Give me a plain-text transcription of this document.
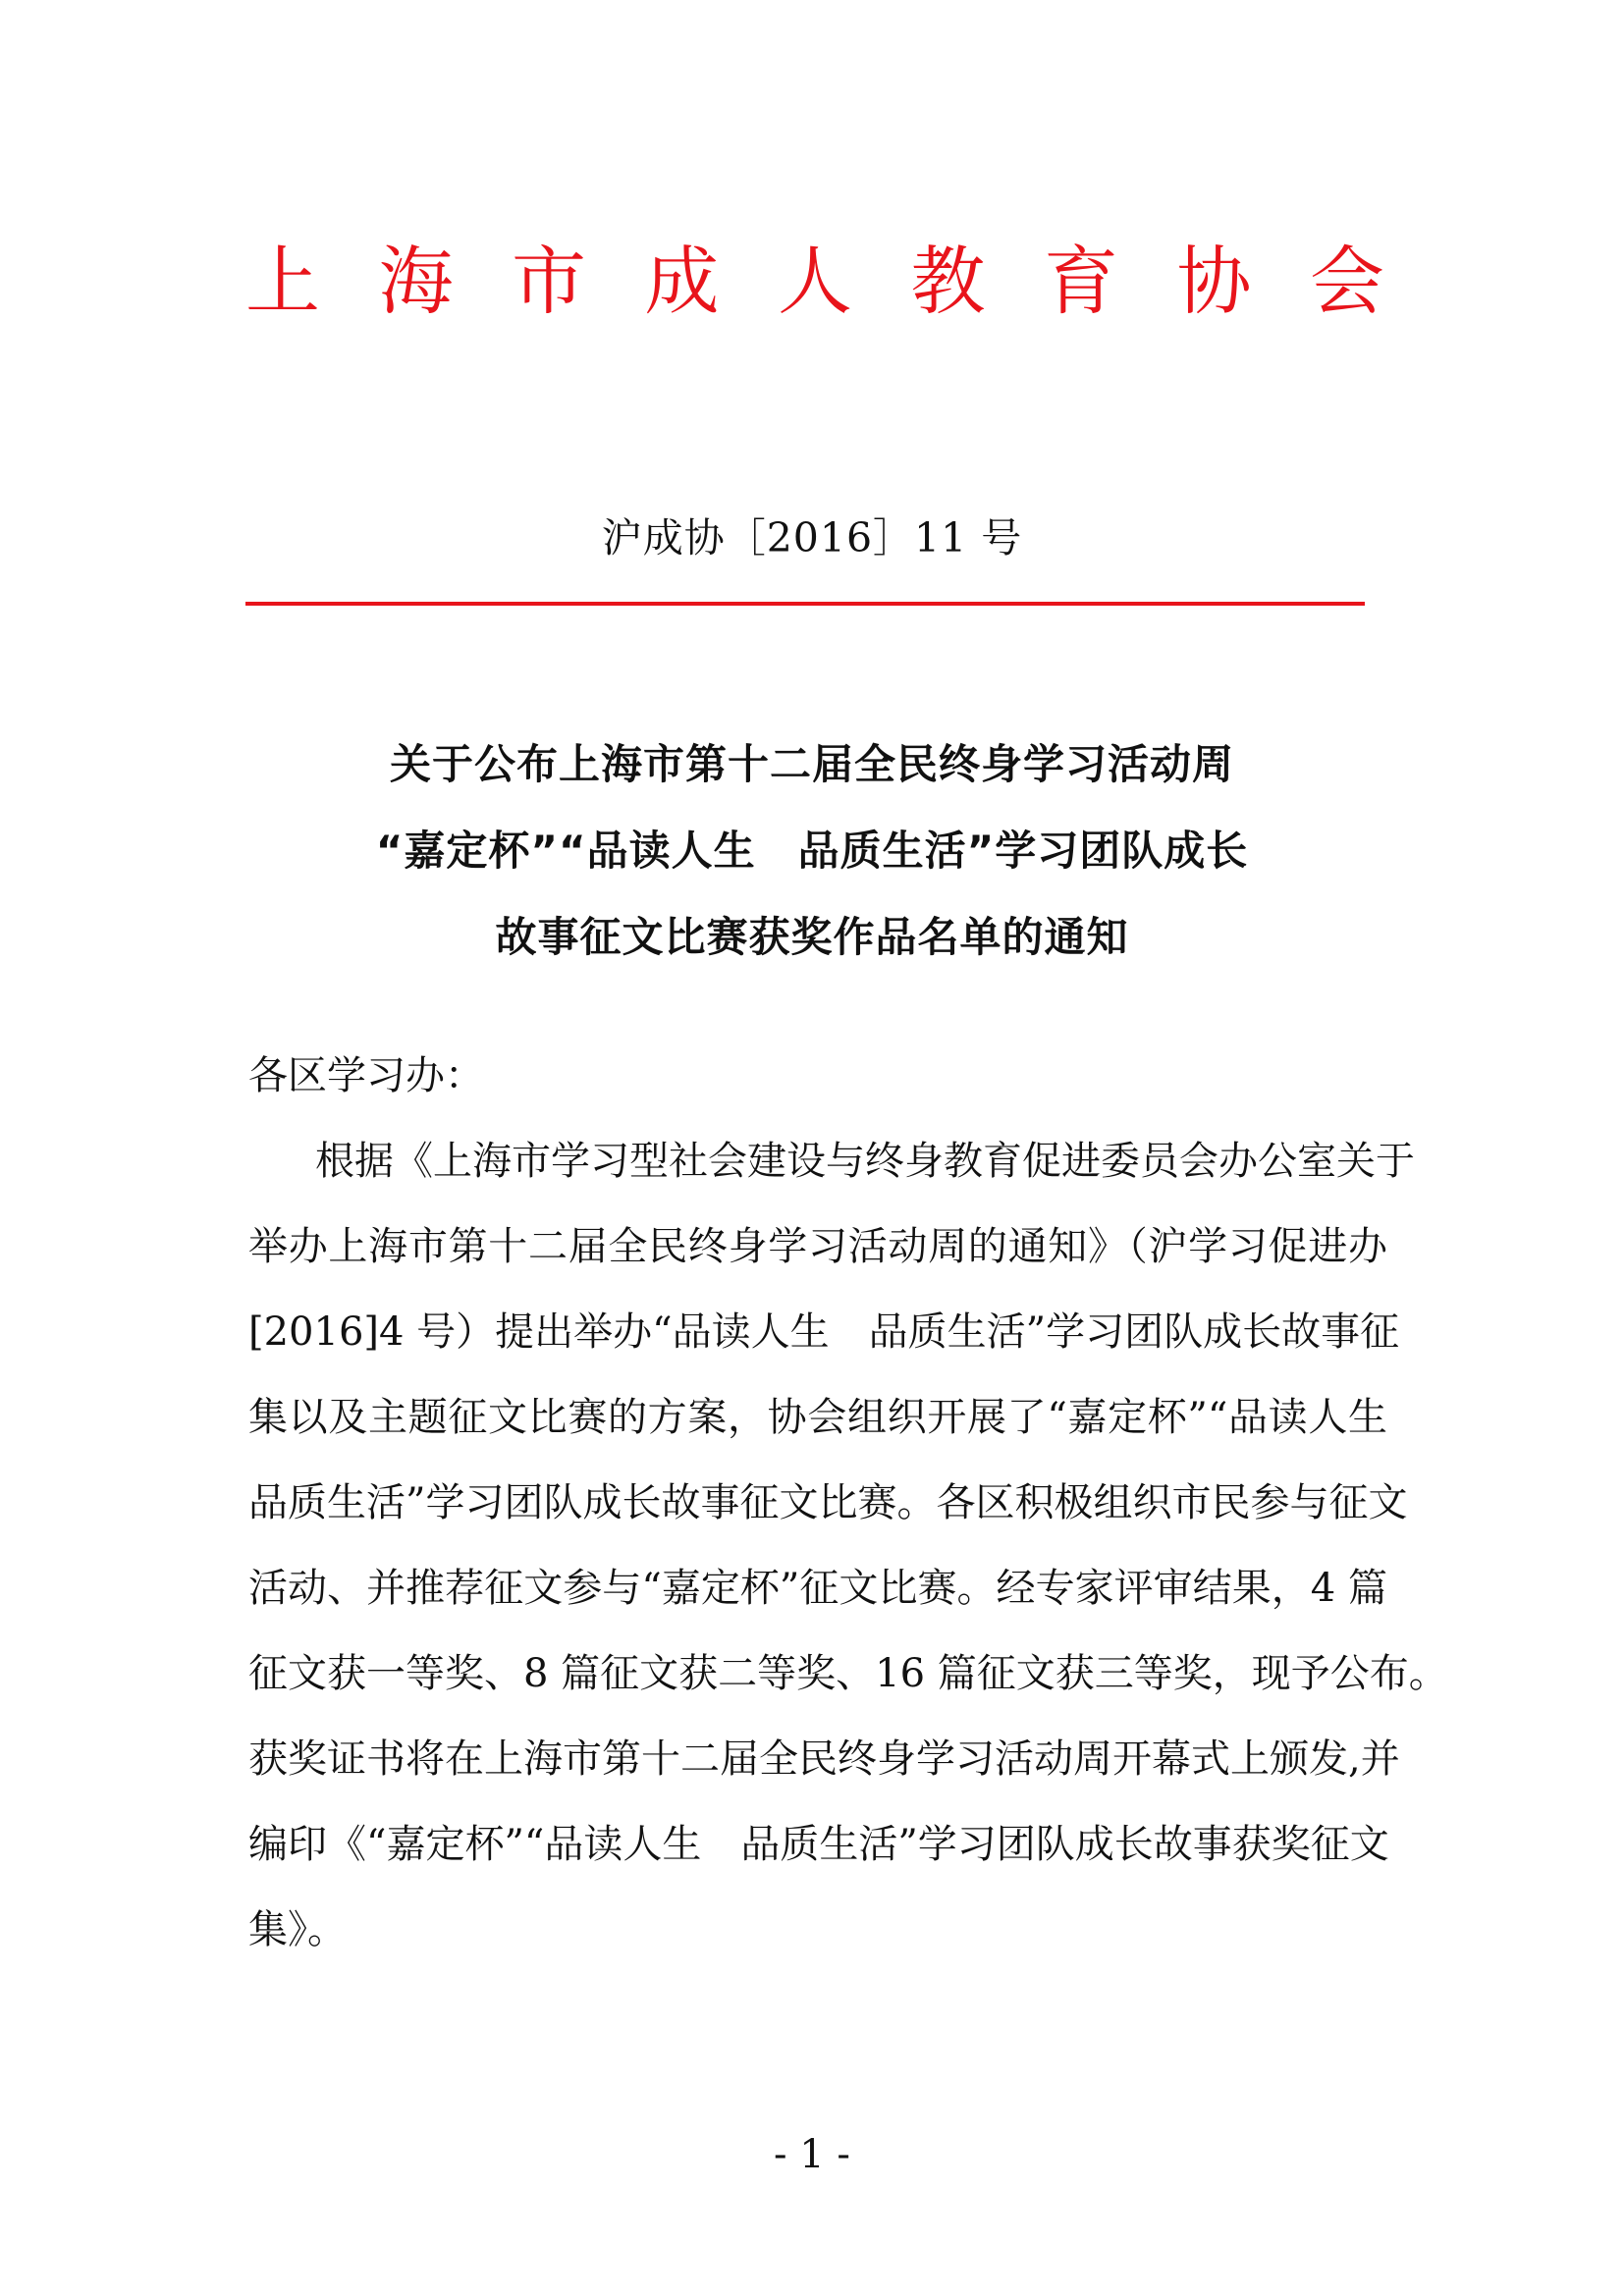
上 海 市 成 人 教 育 协 会
沪成协［2016］11 号
关于公布上海市第十二届全民终身学习活动周
“嘉定杯”“品读人生　品质生活”学习团队成长
故事征文比赛获奖作品名单的通知
各区学习办：
根据《上海市学习型社会建设与终身教育促进委员会办公室关于
举办上海市第十二届全民终身学习活动周的通知》（沪学习促进办
[2016]4 号）提出举办“品读人生　品质生活”学习团队成长故事征
集以及主题征文比赛的方案，协会组织开展了“嘉定杯”“品读人生
品质生活”学习团队成长故事征文比赛。各区积极组织市民参与征文
活动、并推荐征文参与“嘉定杯”征文比赛。经专家评审结果，4 篇
征文获一等奖、8 篇征文获二等奖、16 篇征文获三等奖，现予公布。
获奖证书将在上海市第十二届全民终身学习活动周开幕式上颁发,并
编印《“嘉定杯”“品读人生　品质生活”学习团队成长故事获奖征文
集》。
- 1 -
